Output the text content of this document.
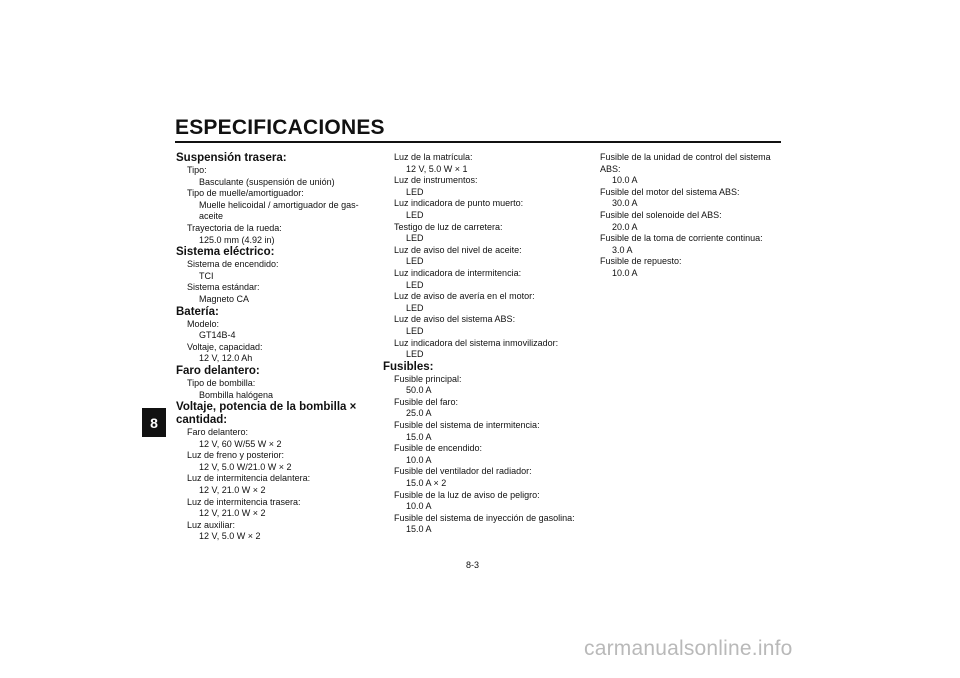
ESPECIFICACIONES
8
Suspensión trasera:
Tipo:
Basculante (suspensión de unión)
Tipo de muelle/amortiguador:
Muelle helicoidal / amortiguador de gas-
aceite
Trayectoria de la rueda:
125.0 mm (4.92 in)
Sistema eléctrico:
Sistema de encendido:
TCI
Sistema estándar:
Magneto CA
Batería:
Modelo:
GT14B-4
Voltaje, capacidad:
12 V, 12.0 Ah
Faro delantero:
Tipo de bombilla:
Bombilla halógena
Voltaje, potencia de la bombilla ×
cantidad:
Faro delantero:
12 V, 60 W/55 W × 2
Luz de freno y posterior:
12 V, 5.0 W/21.0 W × 2
Luz de intermitencia delantera:
12 V, 21.0 W × 2
Luz de intermitencia trasera:
12 V, 21.0 W × 2
Luz auxiliar:
12 V, 5.0 W × 2
Luz de la matrícula:
12 V, 5.0 W × 1
Luz de instrumentos:
LED
Luz indicadora de punto muerto:
LED
Testigo de luz de carretera:
LED
Luz de aviso del nivel de aceite:
LED
Luz indicadora de intermitencia:
LED
Luz de aviso de avería en el motor:
LED
Luz de aviso del sistema ABS:
LED
Luz indicadora del sistema inmovilizador:
LED
Fusibles:
Fusible principal:
50.0 A
Fusible del faro:
25.0 A
Fusible del sistema de intermitencia:
15.0 A
Fusible de encendido:
10.0 A
Fusible del ventilador del radiador:
15.0 A × 2
Fusible de la luz de aviso de peligro:
10.0 A
Fusible del sistema de inyección de gasolina:
15.0 A
Fusible de la unidad de control del sistema
ABS:
10.0 A
Fusible del motor del sistema ABS:
30.0 A
Fusible del solenoide del ABS:
20.0 A
Fusible de la toma de corriente continua:
3.0 A
Fusible de repuesto:
10.0 A
8-3
carmanualsonline.info
